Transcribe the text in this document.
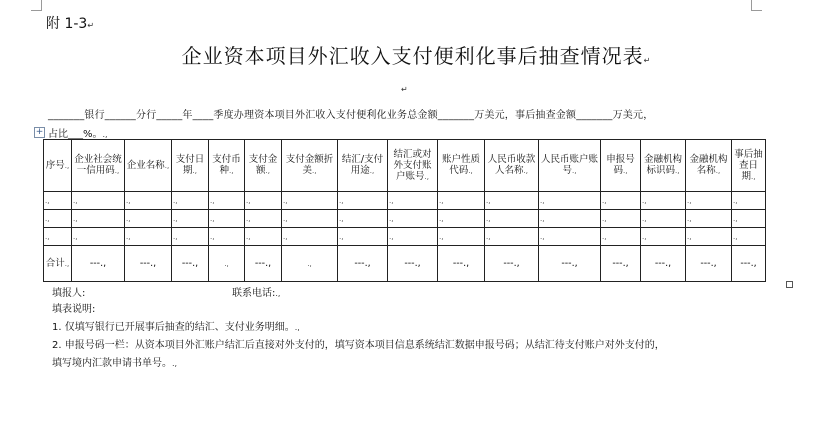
附 1-3↵
企业资本项目外汇收入支付便利化事后抽查情况表↵
↵
_______银行______分行_____年____季度办理资本项目外汇收入支付便利化业务总金额_______万美元，事后抽查金额_______万美元，
+ 占比___%。.,
序号.,	企业社会统一信用码.,	企业名称.,	支付日期.,	支付币种.,	支付金额.,	支付金额折美.,	结汇/支付用途.,	结汇或对外支付账户账号.,	账户性质代码.,	人民币收款人名称.,	人民币账户账号.,	申报号码.,	金融机构标识码.,	金融机构名称.,	事后抽查日期.,
.,	.,	.,	.,	.,	.,	.,	.,	.,	.,	.,	.,	.,	.,	.,	.,
.,	.,	.,	.,	.,	.,	.,	.,	.,	.,	.,	.,	.,	.,	.,	.,
.,	.,	.,	.,	.,	.,	.,	.,	.,	.,	.,	.,	.,	.,	.,	.,
合计.,	---.,	---.,	---.,	.,	---.,	.,	---.,	---.,	---.,	---.,	---.,	---.,	---.,	---.,	---.,
填报人:	联系电话:.,
填表说明:
1. 仅填写银行已开展事后抽查的结汇、支付业务明细。.,
2. 申报号码一栏：从资本项目外汇账户结汇后直接对外支付的，填写资本项目信息系统结汇数据申报号码；从结汇待支付账户对外支付的，
填写境内汇款申请书单号。.,
